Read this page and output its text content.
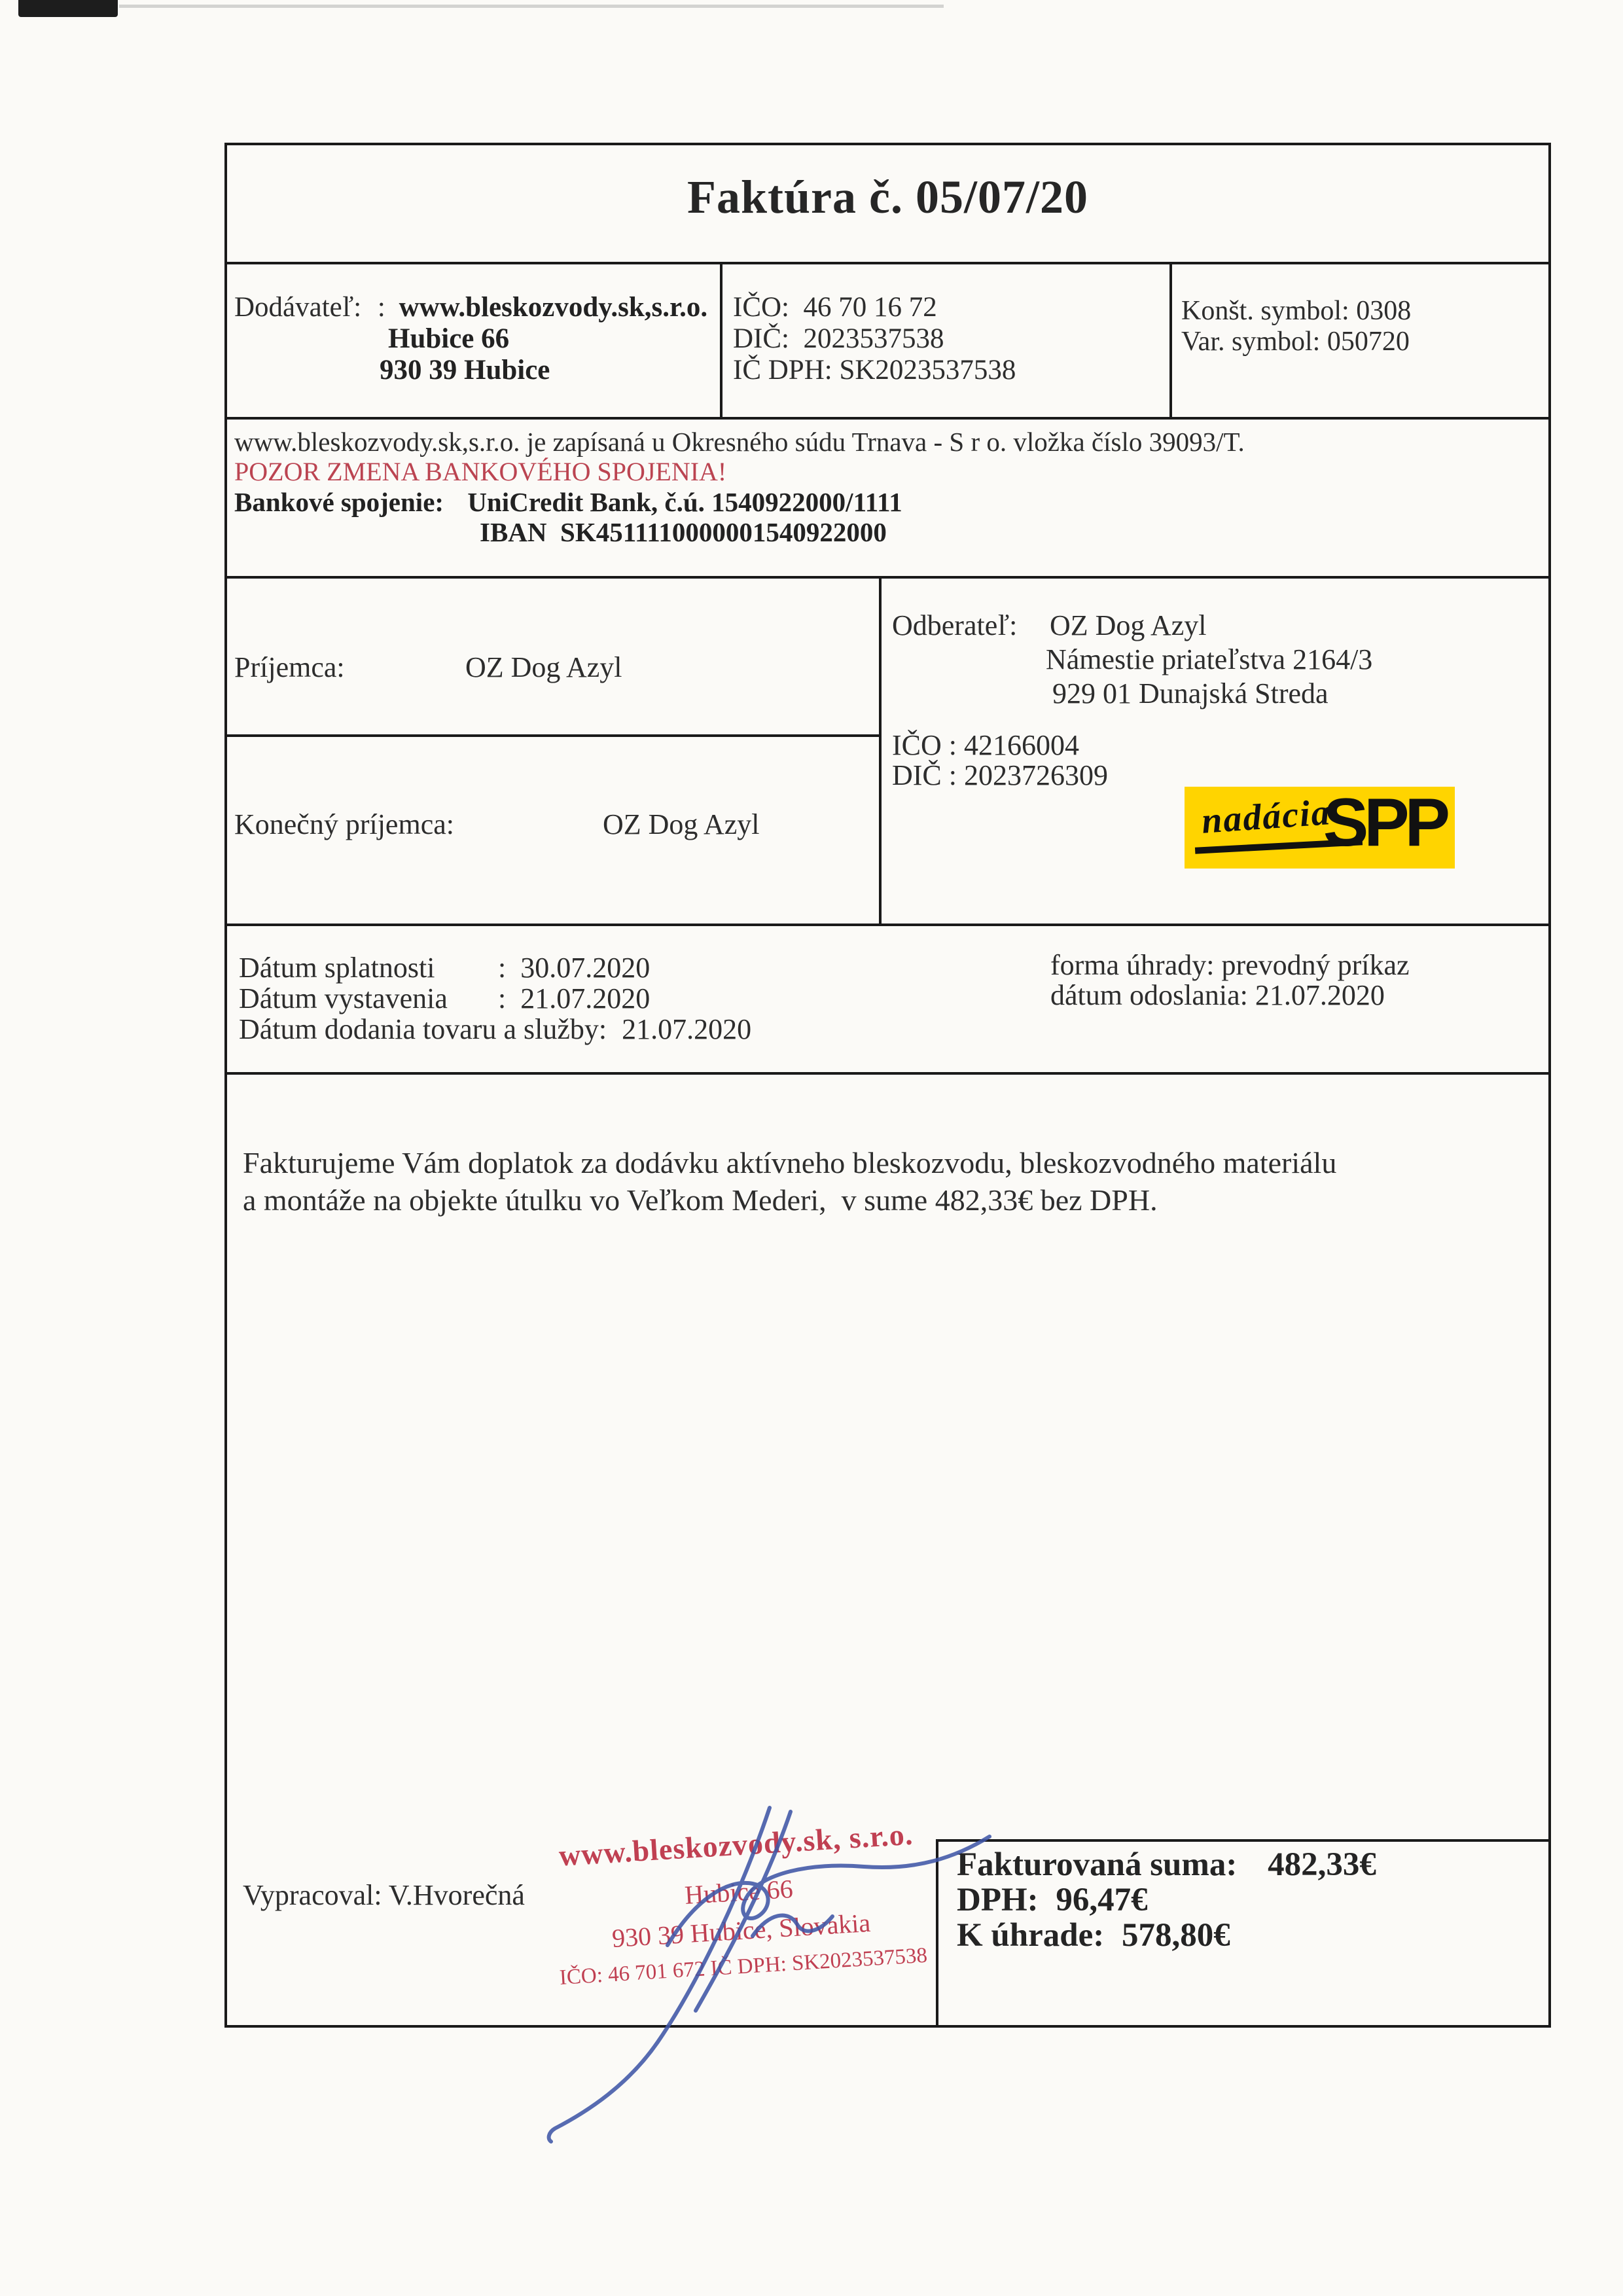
Faktúra č. 05/07/20
Dodávateľ: : www.bleskozvody.sk,s.r.o.
Hubice 66
930 39 Hubice
IČO:  46 70 16 72
DIČ:  2023537538
IČ DPH: SK2023537538
Konšt. symbol: 0308
Var. symbol: 050720
www.bleskozvody.sk,s.r.o. je zapísaná u Okresného súdu Trnava - S r o. vložka číslo 39093/T.
POZOR ZMENA BANKOVÉHO SPOJENIA!
Bankové spojenie: UniCredit Bank, č.ú. 1540922000/1111
IBAN  SK4511110000001540922000
Príjemca:	OZ Dog Azyl
Konečný príjemca:	OZ Dog Azyl
Odberateľ: OZ Dog Azyl
Námestie priateľstva 2164/3
929 01 Dunajská Streda
IČO : 42166004
DIČ : 2023726309
nadácia
SPP
Dátum splatnosti :  30.07.2020
Dátum vystavenia :  21.07.2020
Dátum dodania tovaru a služby: 21.07.2020
forma úhrady: prevodný príkaz
dátum odoslania: 21.07.2020
Fakturujeme Vám doplatok za dodávku aktívneho bleskozvodu, bleskozvodného materiálu
a montáže na objekte útulku vo Veľkom Mederi,  v sume 482,33€ bez DPH.
Vypracoval: V.Hvorečná
www.bleskozvody.sk, s.r.o.
Hubice 66
930 39 Hubice, Slovakia
IČO: 46 701 672 IČ DPH: SK2023537538
Fakturovaná suma: 482,33€
DPH: 96,47€
K úhrade: 578,80€
